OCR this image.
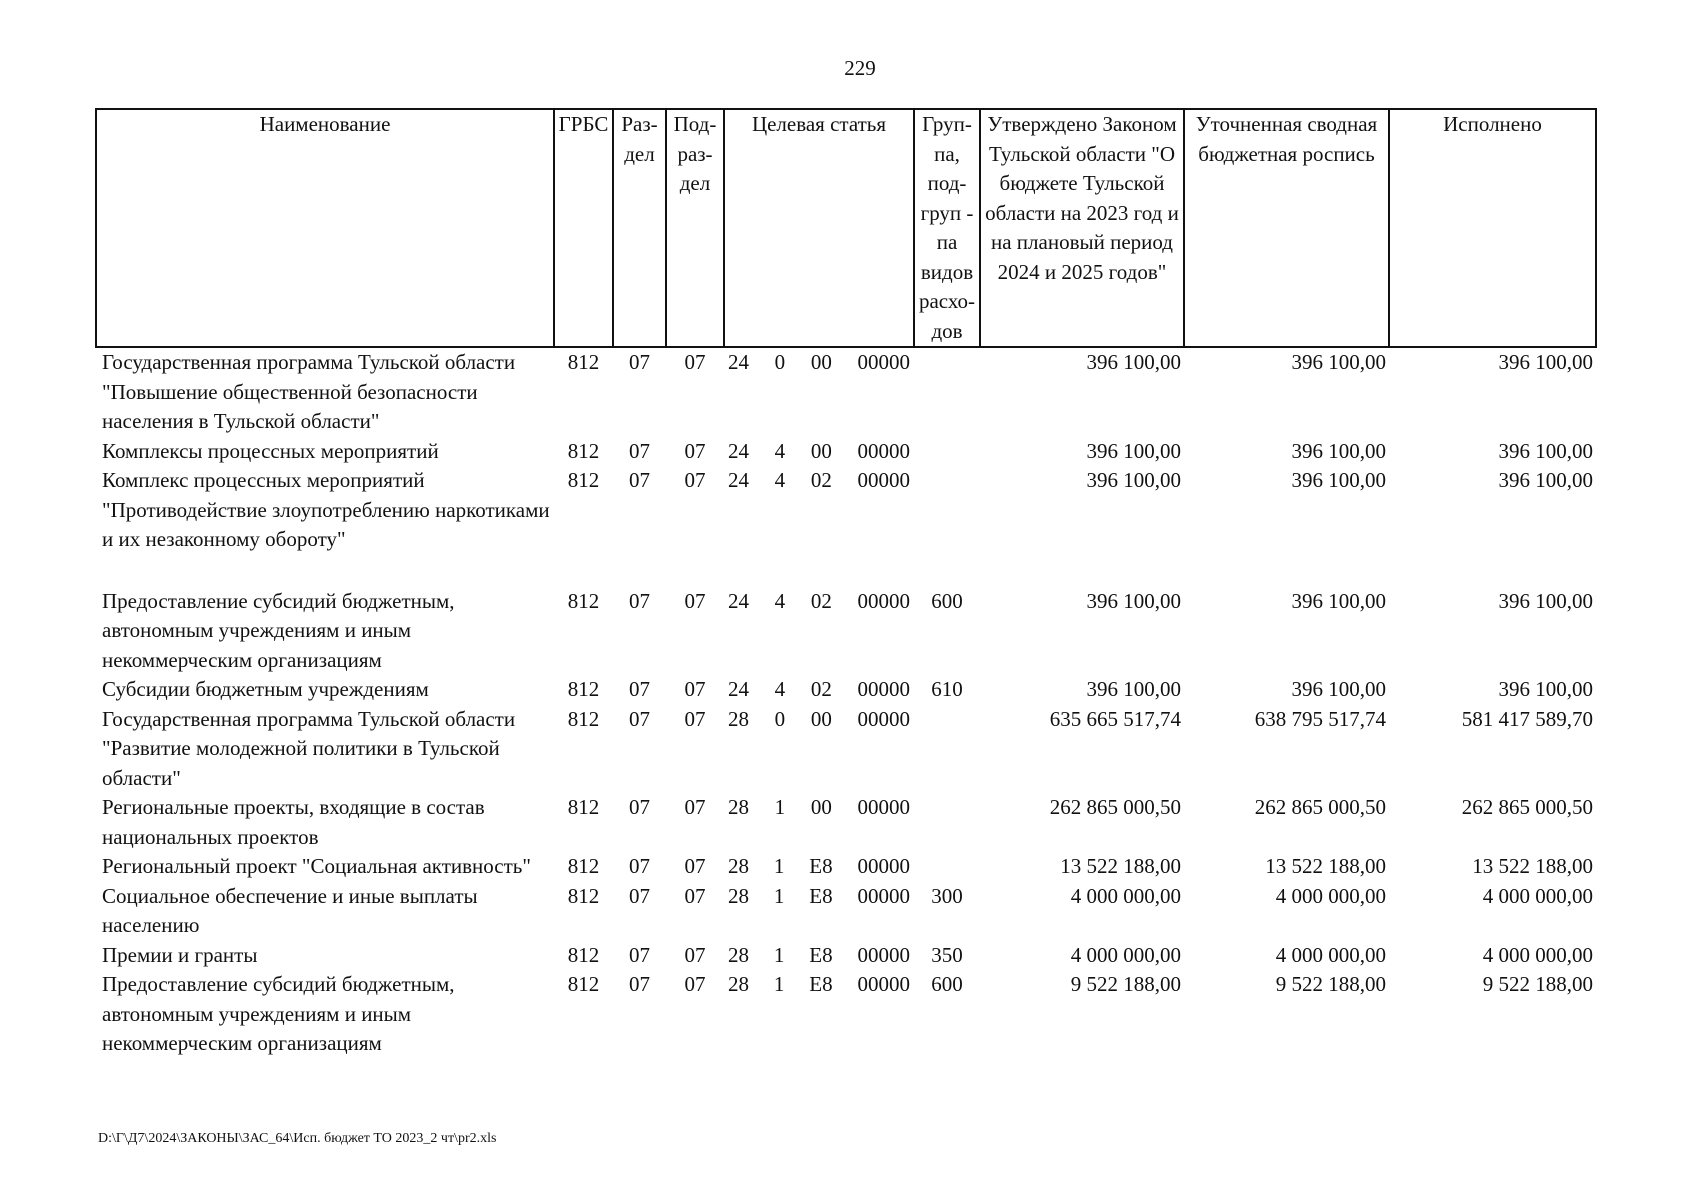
229
Наименование	ГРБС	Раз-дел	Под-раз-дел	Целевая статья	Груп-па, под-груп - па видов расхо-дов	Утверждено Законом Тульской области "О бюджете Тульской области на 2023 год и на плановый период 2024 и 2025 годов"	Уточненная сводная бюджетная роспись	Исполнено
Государственная программа Тульской области "Повышение общественной безопасности населения в Тульской области"	812	07	07	24 0 00 00000		396 100,00	396 100,00	396 100,00
Комплексы процессных мероприятий	812	07	07	24 4 00 00000		396 100,00	396 100,00	396 100,00
Комплекс процессных мероприятий "Противодействие злоупотреблению наркотиками и их незаконному обороту"	812	07	07	24 4 02 00000		396 100,00	396 100,00	396 100,00
Предоставление субсидий бюджетным, автономным учреждениям и иным некоммерческим организациям	812	07	07	24 4 02 00000	600	396 100,00	396 100,00	396 100,00
Субсидии бюджетным учреждениям	812	07	07	24 4 02 00000	610	396 100,00	396 100,00	396 100,00
Государственная программа Тульской области "Развитие молодежной политики в Тульской области"	812	07	07	28 0 00 00000		635 665 517,74	638 795 517,74	581 417 589,70
Региональные проекты, входящие в состав национальных проектов	812	07	07	28 1 00 00000		262 865 000,50	262 865 000,50	262 865 000,50
Региональный проект "Социальная активность"	812	07	07	28 1 E8 00000		13 522 188,00	13 522 188,00	13 522 188,00
Социальное обеспечение и иные выплаты населению	812	07	07	28 1 E8 00000	300	4 000 000,00	4 000 000,00	4 000 000,00
Премии и гранты	812	07	07	28 1 E8 00000	350	4 000 000,00	4 000 000,00	4 000 000,00
Предоставление субсидий бюджетным, автономным учреждениям и иным некоммерческим организациям	812	07	07	28 1 E8 00000	600	9 522 188,00	9 522 188,00	9 522 188,00
D:\Г\Д7\2024\ЗАКОНЫ\ЗАС_64\Исп. бюджет ТО 2023_2 чт\pr2.xls
